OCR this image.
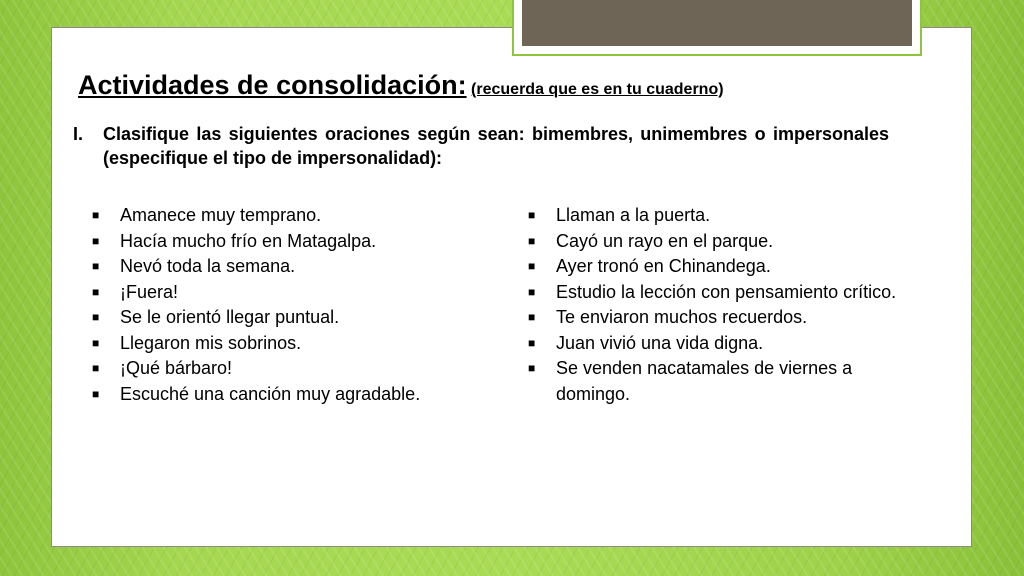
Actividades de consolidación: (recuerda que es en tu cuaderno)
I.	Clasifique las siguientes oraciones según sean: bimembres, unimembres o impersonales (especifique el tipo de impersonalidad):
■	Amanece muy temprano.
■	Hacía mucho frío en Matagalpa.
■	Nevó toda la semana.
■	¡Fuera!
■	Se le orientó llegar puntual.
■	Llegaron mis sobrinos.
■	¡Qué bárbaro!
■	Escuché una canción muy agradable.
■	Llaman a la puerta.
■	Cayó un rayo en el parque.
■	Ayer tronó en Chinandega.
■	Estudio la lección con pensamiento crítico.
■	Te enviaron muchos recuerdos.
■	Juan vivió una vida digna.
■	Se venden nacatamales de viernes a domingo.
